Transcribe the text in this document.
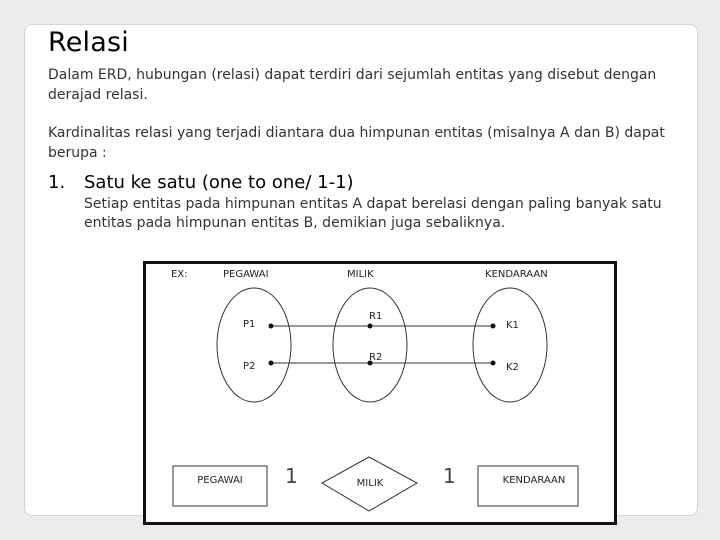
Relasi
Dalam ERD, hubungan (relasi) dapat terdiri dari sejumlah entitas yang disebut dengan derajad relasi.
Kardinalitas relasi yang terjadi diantara dua himpunan entitas (misalnya A dan B) dapat berupa :
1. Satu ke satu (one to one/ 1-1)
Setiap entitas pada himpunan entitas A dapat berelasi dengan paling banyak satu entitas pada himpunan entitas B, demikian juga sebaliknya.
EX:	PEGAWAI	MILIK	KENDARAAN
P1
P2
R1
R2
K1
K2
PEGAWAI 1	MILIK	1	KENDARAAN
